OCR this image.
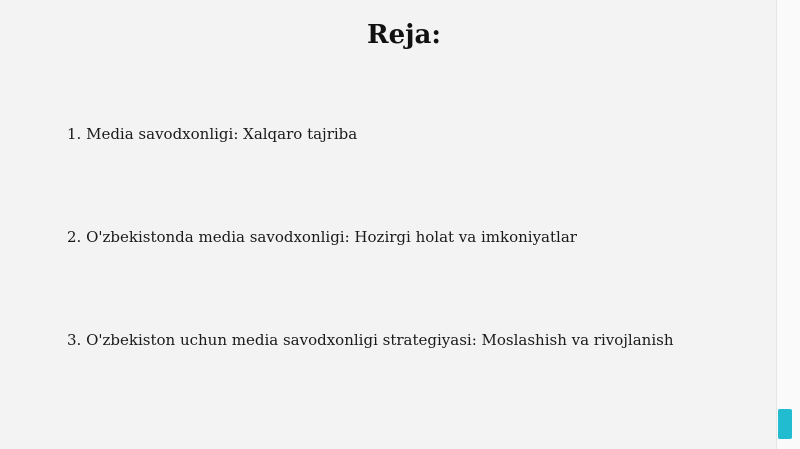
Reja:

1. Media savodxonligi: Xalqaro tajriba

2. O'zbekistonda media savodxonligi: Hozirgi holat va imkoniyatlar

3. O'zbekiston uchun media savodxonligi strategiyasi: Moslashish va rivojlanish
